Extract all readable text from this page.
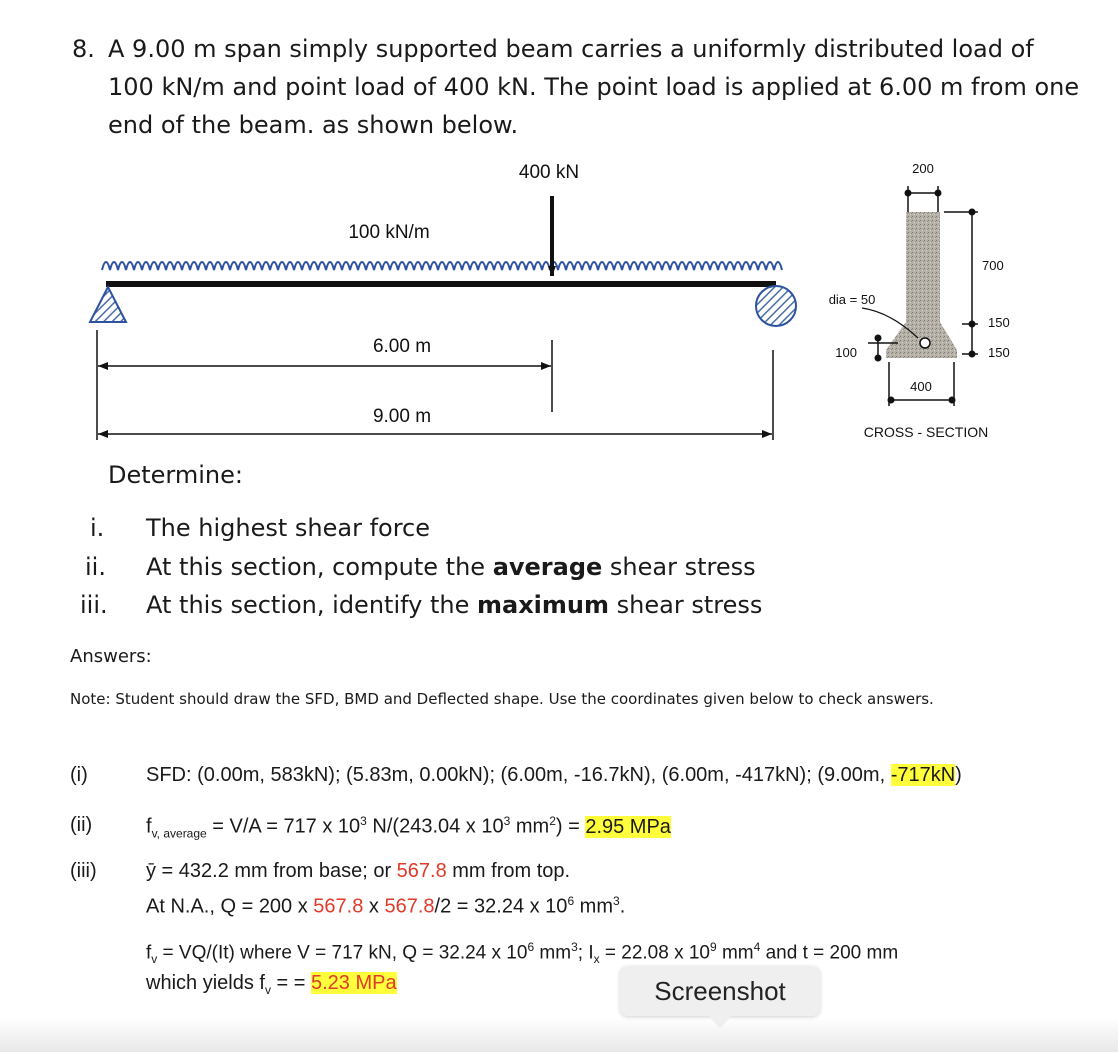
8. A 9.00 m span simply supported beam carries a uniformly distributed load of
100 kN/m and point load of 400 kN. The point load is applied at 6.00 m from one
end of the beam. as shown below.
400 kN
100 kN/m
6.00 m
9.00 m
200
700
dia = 50
150
150
100
400
CROSS - SECTION
Determine:
i. The highest shear force
ii. At this section, compute the average shear stress
iii. At this section, identify the maximum shear stress
Answers:
Note: Student should draw the SFD, BMD and Deflected shape. Use the coordinates given below to check answers.
(i)	SFD: (0.00m, 583kN); (5.83m, 0.00kN); (6.00m, -16.7kN), (6.00m, -417kN); (9.00m, -717kN)
(ii)	$f_{v, average} = V/A = 717$ x $10^3$ N/(243.04 x $10^3$ $mm^2) = 2.95$ MPa
(iii) ȳ = 432.2 mm from base; or 567.8 mm from top.
At N.A., Q = 200 x 567.8 x 567.8/2 = 32.24 x $10^6$ $mm^3$.
$f_v = VQ/(It)$ where V = 717 kN, Q = 32.24 x $10^6$ $mm^3$; $I_x = 22.08$ x $10^9$ $mm^4$ and t = 200 mm
which yields $f_v$ = = 5.23 MPa	Screenshot
